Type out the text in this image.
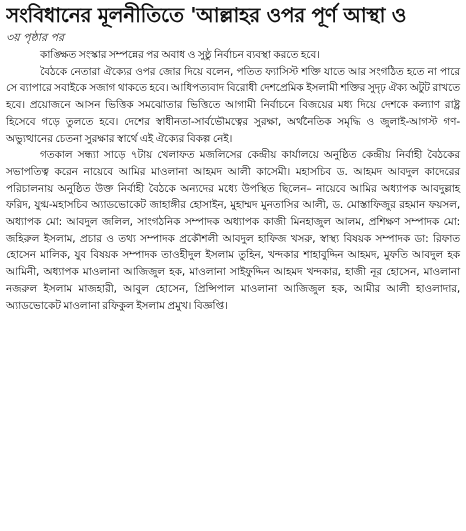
সংবিধানের মূলনীতিতে 'আল্লাহর ওপর পূর্ণ আস্থা ও
৩য় পৃষ্ঠার পর

কাঙ্ক্ষিত সংস্কার সম্পন্নের পর অবাধ ও সুষ্ঠু নির্বাচন ব্যবস্থা করতে হবে।

বৈঠকে নেতারা ঐক্যের ওপর জোর দিয়ে বলেন, পতিত ফ্যাসিস্ট শক্তি যাতে আর সংগঠিত হতে না পারে সে ব্যাপারে সবাইকে সজাগ থাকতে হবে। আধিপত্যবাদ বিরোধী দেশপ্রেমিক ইসলামী শক্তির সুদৃঢ় ঐক্য অটুট রাখতে হবে। প্রয়োজনে আসন ভিত্তিক সমঝোতার ভিত্তিতে আগামী নির্বাচনে বিজয়ের মধ্য দিয়ে দেশকে কল্যাণ রাষ্ট্র হিসেবে গড়ে তুলতে হবে। দেশের স্বাধীনতা-সার্বভৌমত্বের সুরক্ষা, অর্থনৈতিক সমৃদ্ধি ও জুলাই-আগস্ট গণ-অভ্যুত্থানের চেতনা সুরক্ষার স্বার্থে এই ঐক্যের বিকল্প নেই।

গতকাল সন্ধ্যা সাড়ে ৭টায় খেলাফত মজলিসের কেন্দ্রীয় কার্যালয়ে অনুষ্ঠিত কেন্দ্রীয় নির্বাহী বৈঠকের সভাপতিত্ব করেন নায়েবে আমির মাওলানা আহমদ আলী কাসেমী। মহাসচিব ড. আহমদ আবদুল কাদেরের পরিচালনায় অনুষ্ঠিত উক্ত নির্বাহী বৈঠকে অন্যদের মধ্যে উপস্থিত ছিলেন– নায়েবে আমির অধ্যাপক আবদুল্লাহ ফরিদ, যুগ্ম-মহাসচিব অ্যাডভোকেট জাহাঙ্গীর হোসাইন, মুহাম্মদ মুনতাসির আলী, ড. মোস্তাফিজুর রহমান ফয়সল, অধ্যাপক মো: আবদুল জলিল, সাংগঠনিক সম্পাদক অধ্যাপক কাজী মিনহাজুল আলম, প্রশিক্ষণ সম্পাদক মো: জহিরুল ইসলাম, প্রচার ও তথ্য সম্পাদক প্রকৌশলী আবদুল হাফিজ খসরু, স্বাস্থ্য বিষয়ক সম্পাদক ডা: রিফাত হোসেন মালিক, যুব বিষয়ক সম্পাদক তাওহীদুল ইসলাম তুহিন, খন্দকার শাহাবুদ্দিন আহমদ, মুফতি আবদুল হক আমিনী, অধ্যাপক মাওলানা আজিজুল হক, মাওলানা সাইফুদ্দিন আহমদ খন্দকার, হাজী নূর হোসেন, মাওলানা নজরুল ইসলাম মাজহারী, আবুল হোসেন, প্রিন্সিপাল মাওলানা আজিজুল হক, আমীর আলী হাওলাদার, অ্যাডভোকেট মাওলানা রফিকুল ইসলাম প্রমুখ। বিজ্ঞপ্তি।
